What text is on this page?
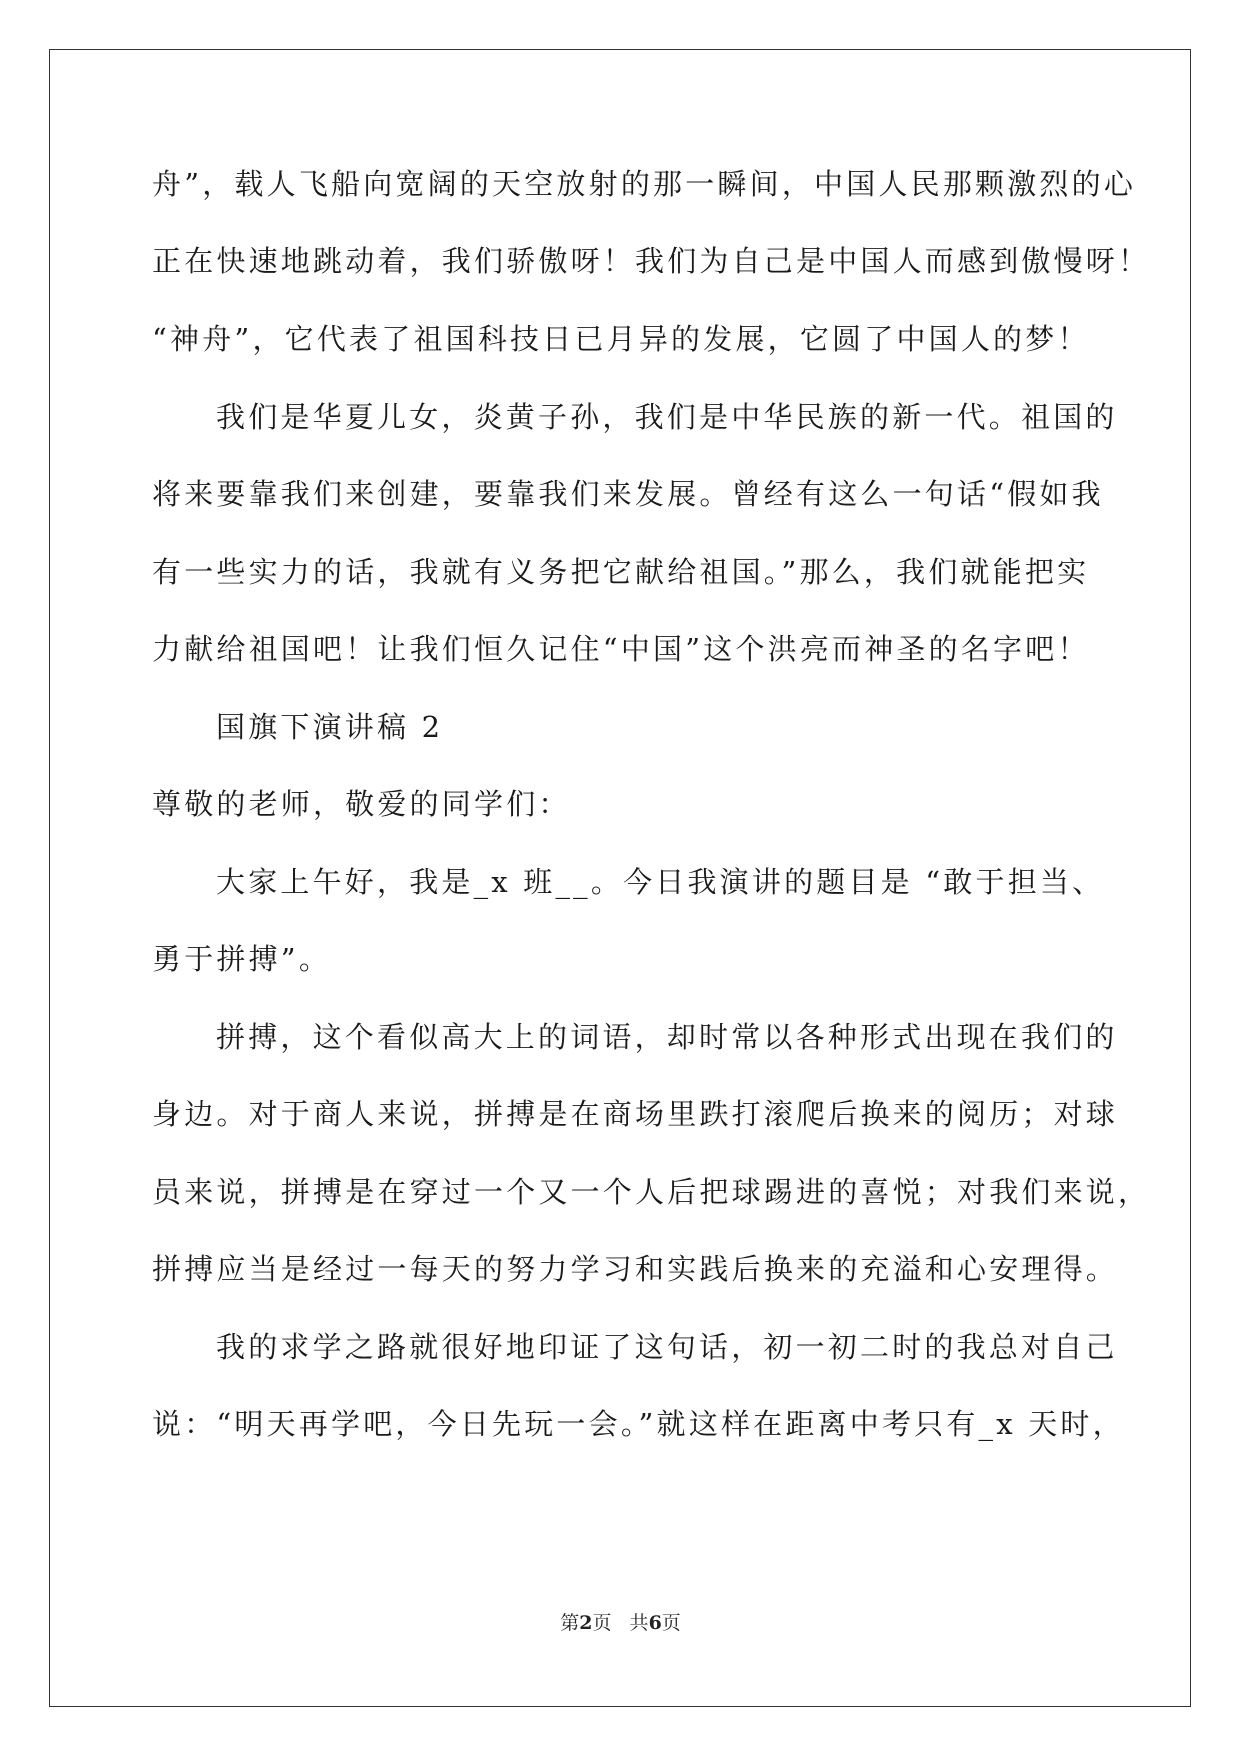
舟”，载人飞船向宽阔的天空放射的那一瞬间，中国人民那颗激烈的心
正在快速地跳动着，我们骄傲呀！我们为自己是中国人而感到傲慢呀！
“神舟”，它代表了祖国科技日已月异的发展，它圆了中国人的梦！
我们是华夏儿女，炎黄子孙，我们是中华民族的新一代。祖国的
将来要靠我们来创建，要靠我们来发展。曾经有这么一句话“假如我
有一些实力的话，我就有义务把它献给祖国。”那么，我们就能把实
力献给祖国吧！让我们恒久记住“中国”这个洪亮而神圣的名字吧！
国旗下演讲稿 2
尊敬的老师，敬爱的同学们：
大家上午好，我是_x 班__。今日我演讲的题目是 “敢于担当、
勇于拼搏”。
拼搏，这个看似高大上的词语，却时常以各种形式出现在我们的
身边。对于商人来说，拼搏是在商场里跌打滚爬后换来的阅历；对球
员来说，拼搏是在穿过一个又一个人后把球踢进的喜悦；对我们来说，
拼搏应当是经过一每天的努力学习和实践后换来的充溢和心安理得。
我的求学之路就很好地印证了这句话，初一初二时的我总对自己
说：“明天再学吧，今日先玩一会。”就这样在距离中考只有_x 天时，
第2页   共6页
